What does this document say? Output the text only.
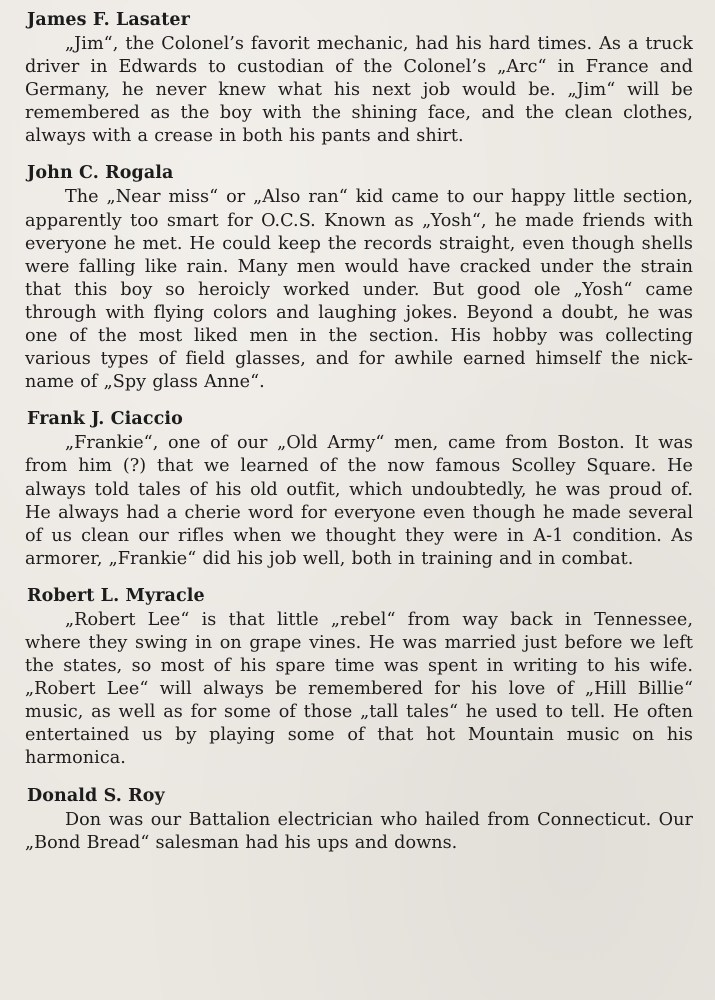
James F. Lasater

„Jim“, the Colonel’s favorit mechanic, had his hard times. As a truck driver in Edwards to custodian of the Colonel’s „Arc“ in France and Germany, he never knew what his next job would be. „Jim“ will be remembered as the boy with the shining face, and the clean clothes, always with a crease in both his pants and shirt.

John C. Rogala

The „Near miss“ or „Also ran“ kid came to our happy little section, apparently too smart for O.C.S. Known as „Yosh“, he made friends with everyone he met. He could keep the records straight, even though shells were falling like rain. Many men would have cracked under the strain that this boy so heroicly worked under. But good ole „Yosh“ came through with flying colors and laughing jokes. Beyond a doubt, he was one of the most liked men in the section. His hobby was collecting various types of field glasses, and for awhile earned himself the nick-name of „Spy glass Anne“.

Frank J. Ciaccio

„Frankie“, one of our „Old Army“ men, came from Boston. It was from him (?) that we learned of the now famous Scolley Square. He always told tales of his old outfit, which undoubtedly, he was proud of. He always had a cherie word for everyone even though he made several of us clean our rifles when we thought they were in A-1 condition. As armorer, „Frankie“ did his job well, both in training and in combat.

Robert L. Myracle

„Robert Lee“ is that little „rebel“ from way back in Tennessee, where they swing in on grape vines. He was married just before we left the states, so most of his spare time was spent in writing to his wife. „Robert Lee“ will always be remembered for his love of „Hill Billie“ music, as well as for some of those „tall tales“ he used to tell. He often entertained us by playing some of that hot Mountain music on his harmonica.

Donald S. Roy

Don was our Battalion electrician who hailed from Connecticut. Our „Bond Bread“ salesman had his ups and downs.
